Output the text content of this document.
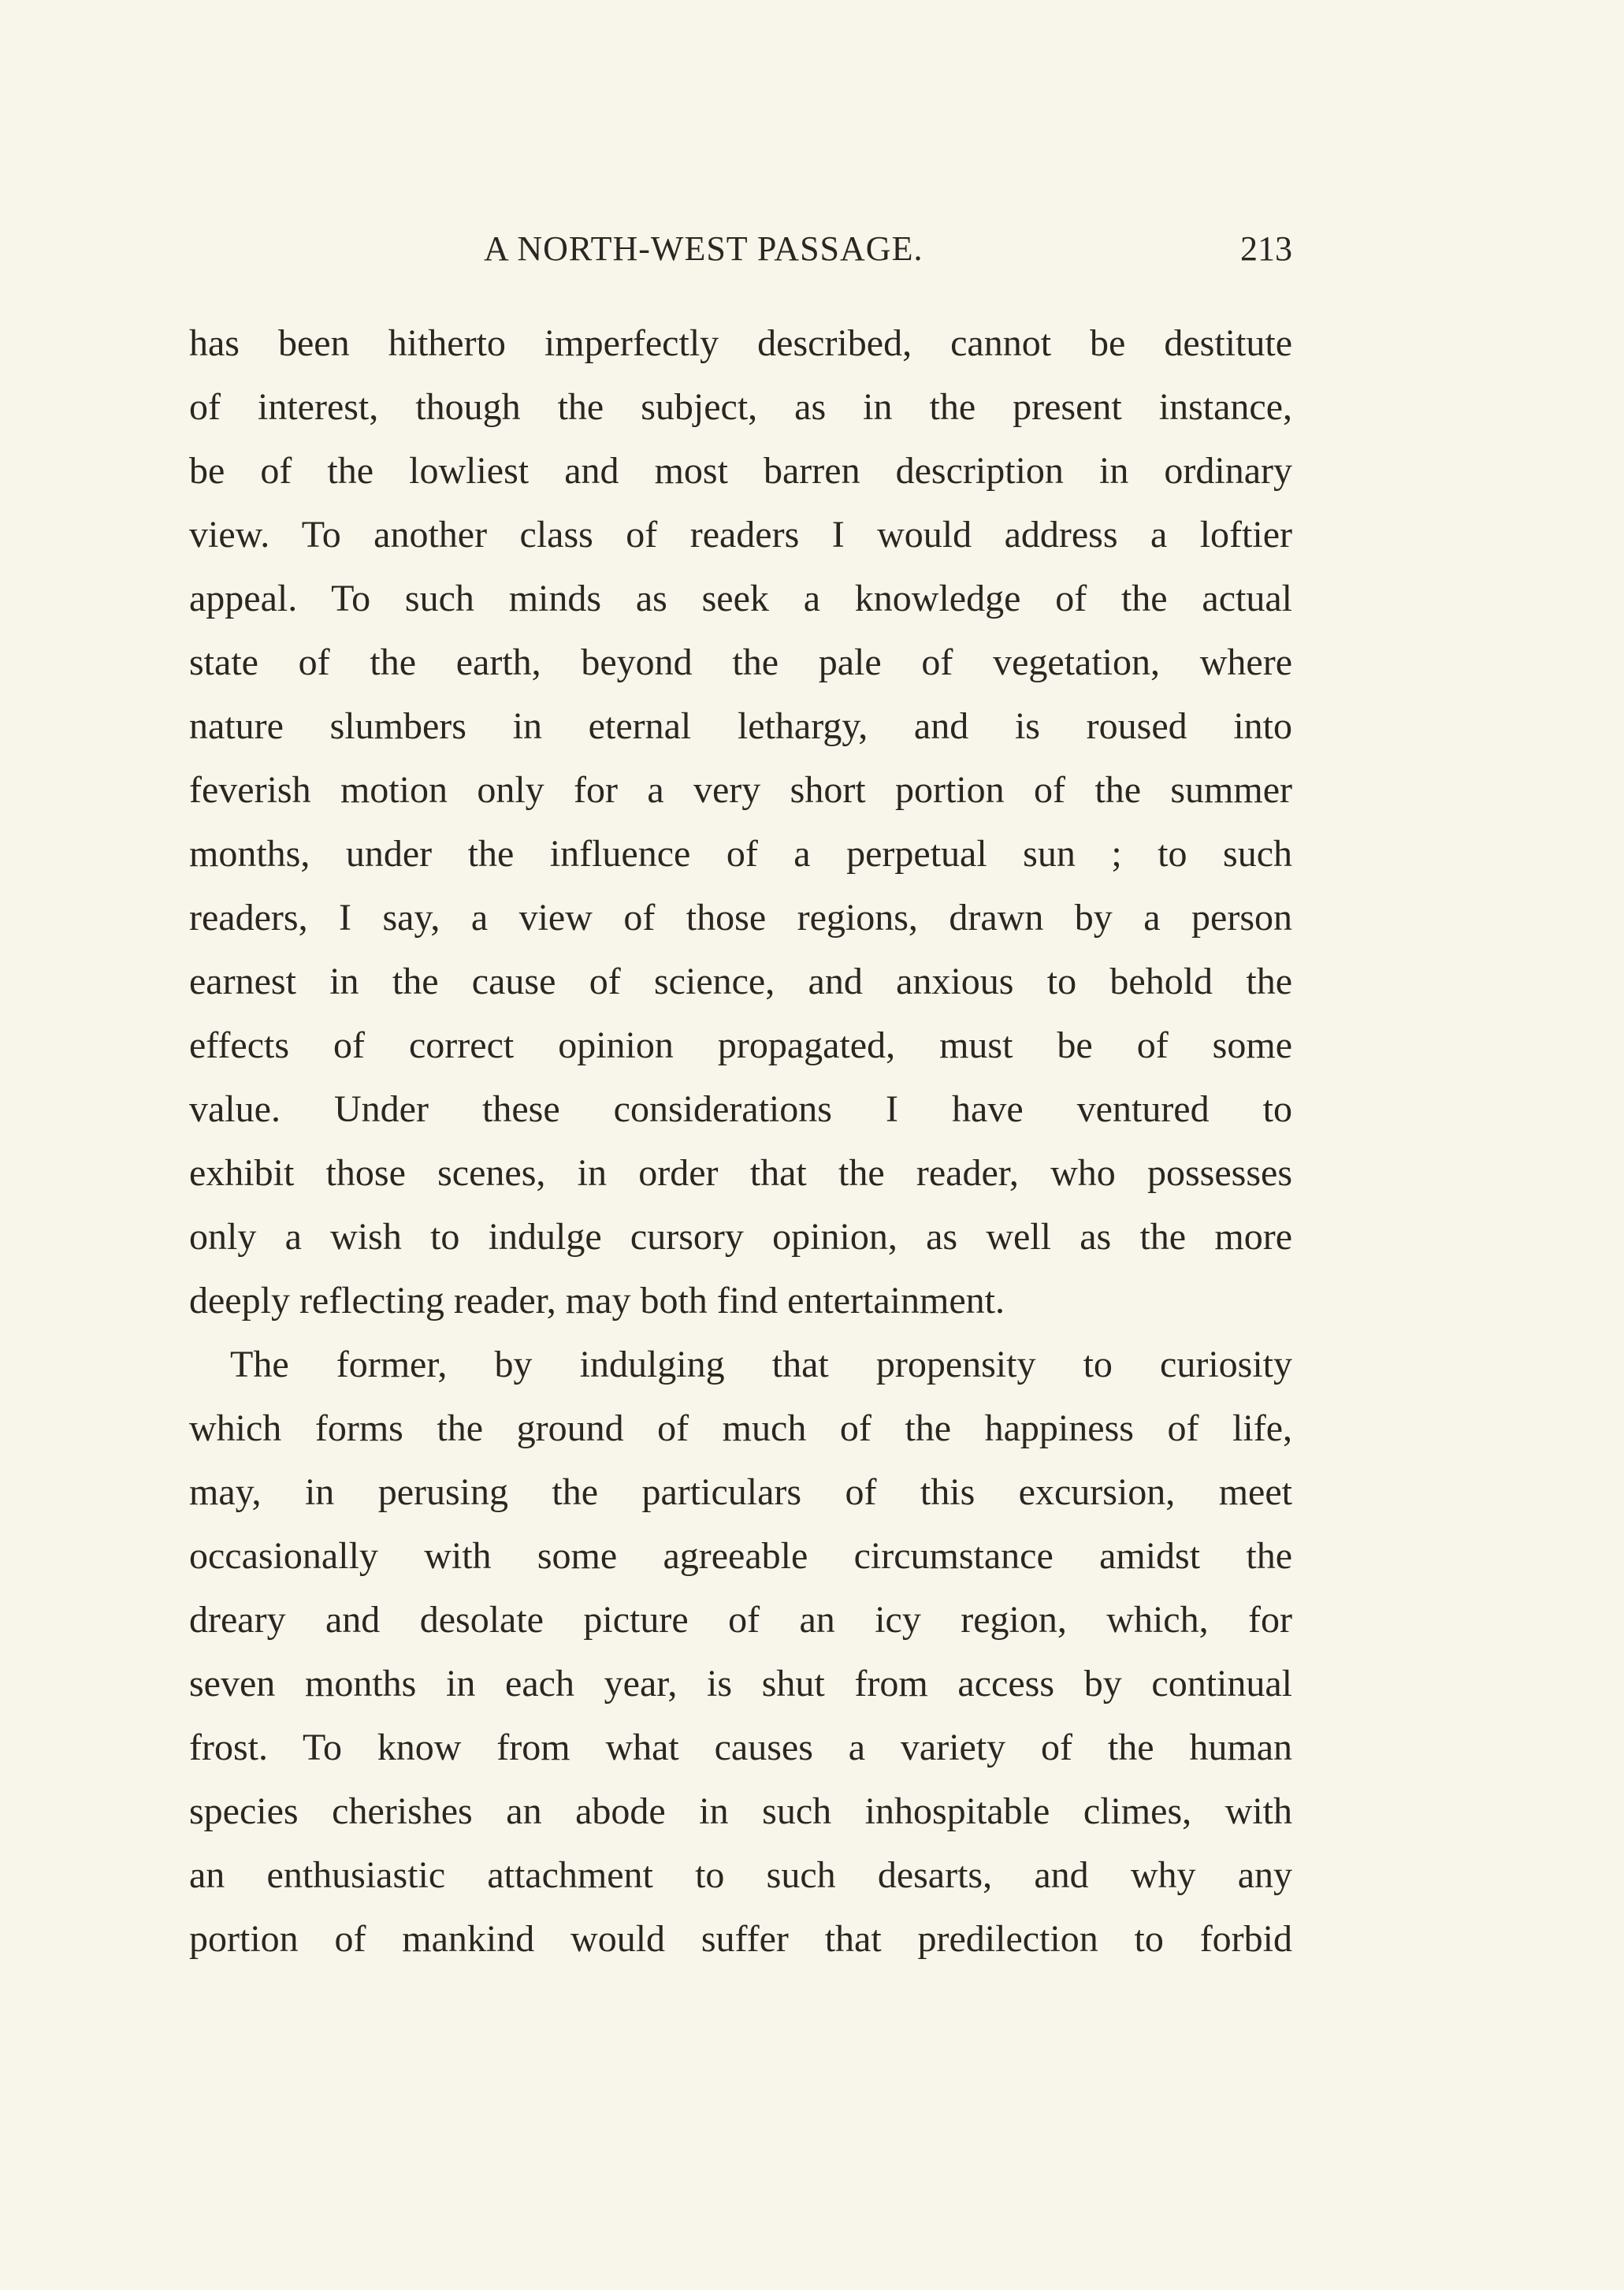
A NORTH-WEST PASSAGE.	213
has been hitherto imperfectly described, cannot be destitute
of interest, though the subject, as in the present instance,
be of the lowliest and most barren description in ordinary
view. To another class of readers I would address a loftier
appeal. To such minds as seek a knowledge of the actual
state of the earth, beyond the pale of vegetation, where
nature slumbers in eternal lethargy, and is roused into
feverish motion only for a very short portion of the summer
months, under the influence of a perpetual sun ; to such
readers, I say, a view of those regions, drawn by a person
earnest in the cause of science, and anxious to behold the
effects of correct opinion propagated, must be of some
value. Under these considerations I have ventured to
exhibit those scenes, in order that the reader, who possesses
only a wish to indulge cursory opinion, as well as the more
deeply reflecting reader, may both find entertainment.
The former, by indulging that propensity to curiosity
which forms the ground of much of the happiness of life,
may, in perusing the particulars of this excursion, meet
occasionally with some agreeable circumstance amidst the
dreary and desolate picture of an icy region, which, for
seven months in each year, is shut from access by continual
frost. To know from what causes a variety of the human
species cherishes an abode in such inhospitable climes, with
an enthusiastic attachment to such desarts, and why any
portion of mankind would suffer that predilection to forbid
